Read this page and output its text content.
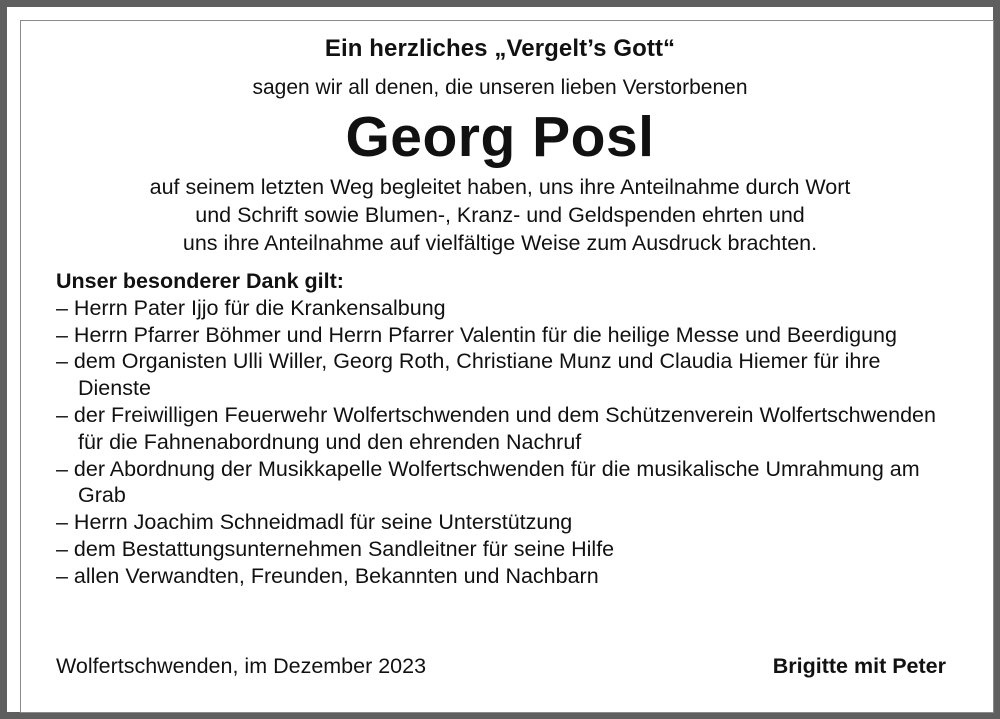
Ein herzliches „Vergelt’s Gott“
sagen wir all denen, die unseren lieben Verstorbenen
Georg Posl
auf seinem letzten Weg begleitet haben, uns ihre Anteilnahme durch Wort
und Schrift sowie Blumen-, Kranz- und Geldspenden ehrten und
uns ihre Anteilnahme auf vielfältige Weise zum Ausdruck brachten.
Unser besonderer Dank gilt:
– Herrn Pater Ijjo für die Krankensalbung
– Herrn Pfarrer Böhmer und Herrn Pfarrer Valentin für die heilige Messe und Beerdigung
– dem Organisten Ulli Willer, Georg Roth, Christiane Munz und Claudia Hiemer für ihre Dienste
– der Freiwilligen Feuerwehr Wolfertschwenden und dem Schützenverein Wolfertschwenden für die Fahnenabordnung und den ehrenden Nachruf
– der Abordnung der Musikkapelle Wolfertschwenden für die musikalische Umrahmung am Grab
– Herrn Joachim Schneidmadl für seine Unterstützung
– dem Bestattungsunternehmen Sandleitner für seine Hilfe
– allen Verwandten, Freunden, Bekannten und Nachbarn
Wolfertschwenden, im Dezember 2023	Brigitte mit Peter
